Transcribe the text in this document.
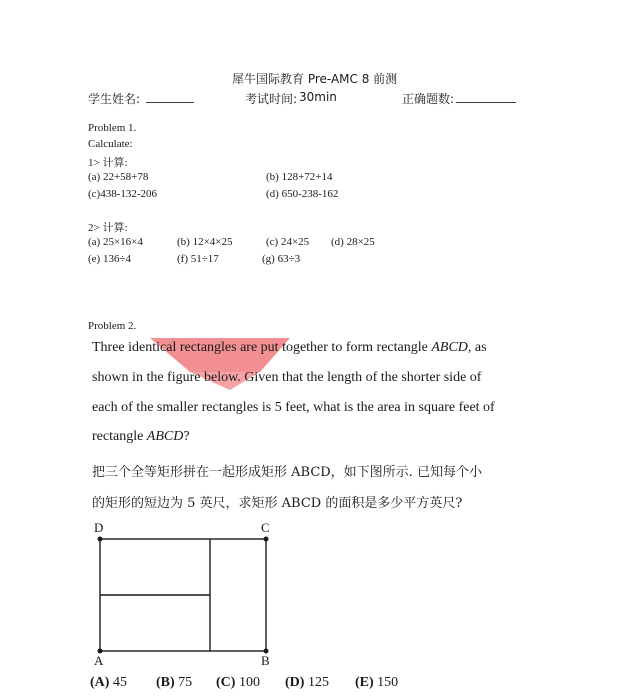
犀牛国际教育 Pre-AMC 8 前测
学生姓名: ________	考试时间: 30min	正确题数: __________
Problem 1.
Calculate:
1> 计算:
(a) 22+58+78	(b) 128+72+14
(c)438-132-206	(d) 650-238-162
2> 计算:
(a) 25×16×4	(b) 12×4×25	(c) 24×25 (d) 28×25
(e) 136÷4	(f) 51÷17	(g) 63÷3
Problem 2.
Three identical rectangles are put together to form rectangle ABCD, as
shown in the figure below. Given that the length of the shorter side of
each of the smaller rectangles is 5 feet, what is the area in square feet of
rectangle ABCD?
把三个全等矩形拼在一起形成矩形 ABCD，如下图所示. 已知每个小
的矩形的短边为 5 英尺，求矩形 ABCD 的面积是多少平方英尺?
D	C
A	B
(A) 45 (B) 75 (C) 100 (D) 125 (E) 150
